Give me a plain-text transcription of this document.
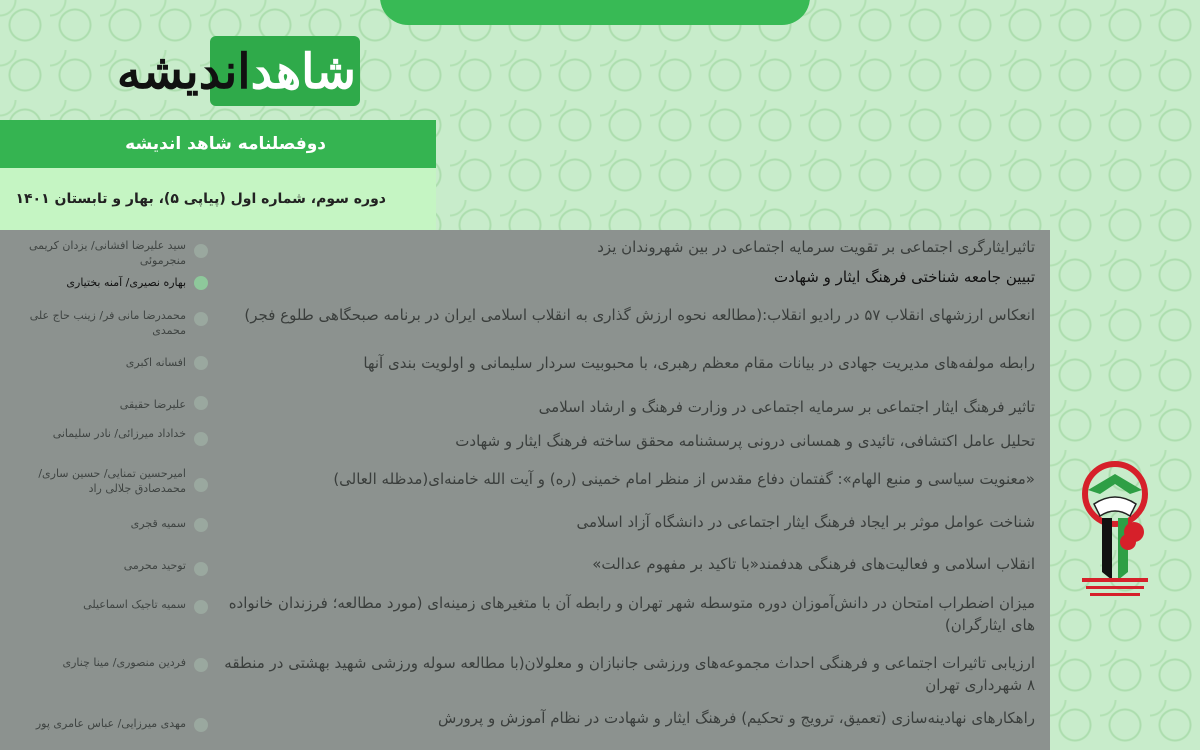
شاهداندیشه
دوفصلنامه شاهد اندیشه
دوره سوم، شماره اول (پیاپی ۵)، بهار و تابستان ۱۴۰۱
تاثیرایثارگری اجتماعی بر تقویت سرمایه اجتماعی در بین شهروندان یزد
سید علیرضا افشانی/ یزدان کریمی منجرموئی
تبیین جامعه شناختی فرهنگ ایثار و شهادت
بهاره نصیری/ آمنه بختیاری
انعکاس ارزشهای انقلاب ۵۷ در رادیو انقلاب:(مطالعه نحوه ارزش گذاری به انقلاب اسلامی ایران در برنامه صبحگاهی طلوع فجر)
محمدرضا مانی فر/ زینب حاج علی محمدی
رابطه مولفه‌های مدیریت جهادی در بیانات مقام معظم رهبری، با محبوبیت سردار سلیمانی و اولویت بندی آنها
افسانه اکبری
تاثیر فرهنگ ایثار اجتماعی بر سرمایه اجتماعی در وزارت فرهنگ و ارشاد اسلامی
علیرضا حقیقی
تحلیل عامل اکتشافی، تائیدی و همسانی درونی پرسشنامه محقق ساخته فرهنگ ایثار و شهادت
خداداد میرزائی/ نادر سلیمانی
«معنویت سیاسی و منبع الهام»: گفتمان دفاع مقدس از منظر امام خمینی (ره) و آیت الله خامنه‌ای(مدظله العالی)
امیرحسین تمنایی/ حسین ساری/ محمدصادق جلالی راد
شناخت عوامل موثر بر ایجاد فرهنگ ایثار اجتماعی در دانشگاه آزاد اسلامی
سمیه قجری
انقلاب اسلامی و فعالیت‌های فرهنگی هدفمند«با تاکید بر مفهوم عدالت»
توحید محرمی
میزان اضطراب امتحان در دانش‌آموزان دوره متوسطه شهر تهران و رابطه آن با متغیرهای زمینه‌ای (مورد مطالعه؛ فرزندان خانواده های ایثارگران)
سمیه تاجیک اسماعیلی
ارزیابی تاثیرات اجتماعی و فرهنگی احداث مجموعه‌های ورزشی جانبازان و معلولان(با مطالعه سوله ورزشی شهید بهشتی در منطقه ۸ شهرداری تهران
فردین منصوری/ مینا چناری
راهکارهای نهادینه‌سازی (تعمیق، ترویج و تحکیم) فرهنگ ایثار و شهادت در نظام آموزش و پرورش
مهدی میرزایی/ عباس عامری پور
